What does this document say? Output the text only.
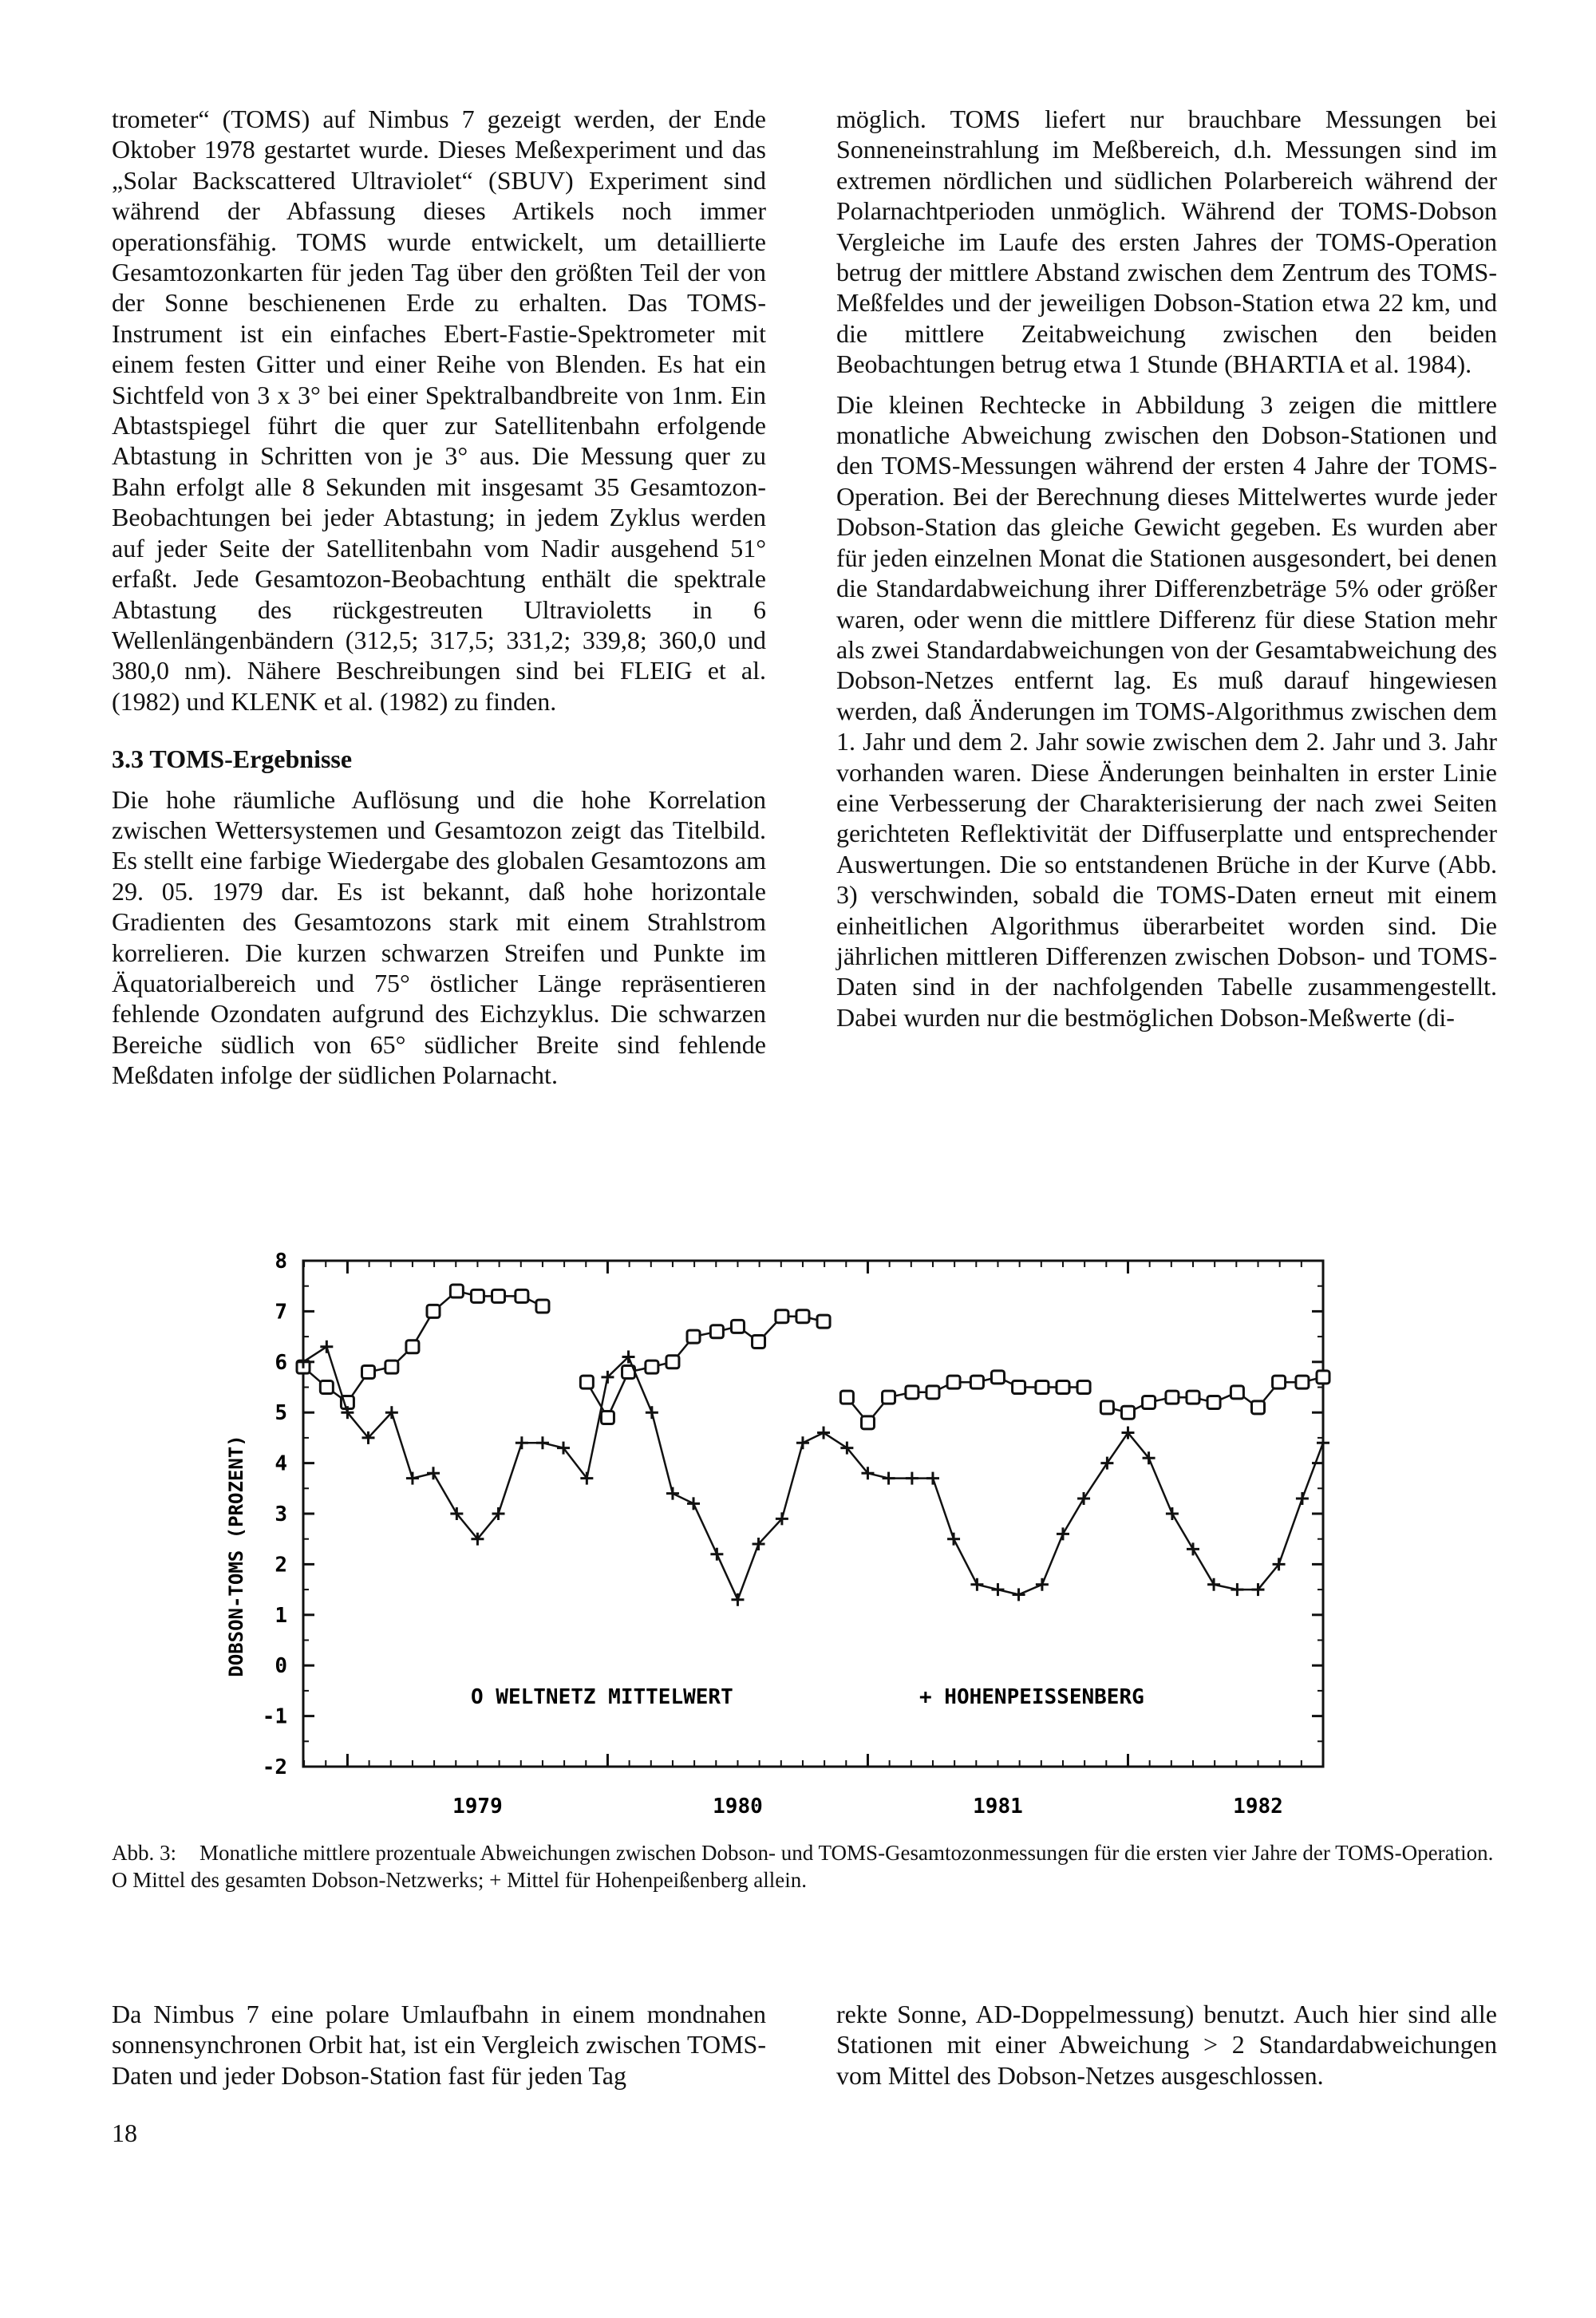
trometer“ (TOMS) auf Nimbus 7 gezeigt werden, der Ende Oktober 1978 gestartet wurde. Dieses Meßexperiment und das „Solar Backscattered Ultraviolet“ (SBUV) Experiment sind während der Abfassung dieses Artikels noch immer operationsfähig. TOMS wurde entwickelt, um detaillierte Gesamtozonkarten für jeden Tag über den größten Teil der von der Sonne beschienenen Erde zu erhalten. Das TOMS-Instrument ist ein einfaches Ebert-Fastie-Spektrometer mit einem festen Gitter und einer Reihe von Blenden. Es hat ein Sichtfeld von 3 x 3° bei einer Spektralbandbreite von 1nm. Ein Abtastspiegel führt die quer zur Satellitenbahn erfolgende Abtastung in Schritten von je 3° aus. Die Messung quer zu Bahn erfolgt alle 8 Sekunden mit insgesamt 35 Gesamtozon-Beobachtungen bei jeder Abtastung; in jedem Zyklus werden auf jeder Seite der Satellitenbahn vom Nadir ausgehend 51° erfaßt. Jede Gesamtozon-Beobachtung enthält die spektrale Abtastung des rückgestreuten Ultravioletts in 6 Wellenlängenbändern (312,5; 317,5; 331,2; 339,8; 360,0 und 380,0 nm). Nähere Beschreibungen sind bei FLEIG et al. (1982) und KLENK et al. (1982) zu finden.

3.3 TOMS-Ergebnisse

Die hohe räumliche Auflösung und die hohe Korrelation zwischen Wettersystemen und Gesamtozon zeigt das Titelbild. Es stellt eine farbige Wiedergabe des globalen Gesamtozons am 29. 05. 1979 dar. Es ist bekannt, daß hohe horizontale Gradienten des Gesamtozons stark mit einem Strahlstrom korrelieren. Die kurzen schwarzen Streifen und Punkte im Äquatorialbereich und 75° östlicher Länge repräsentieren fehlende Ozondaten aufgrund des Eichzyklus. Die schwarzen Bereiche südlich von 65° südlicher Breite sind fehlende Meßdaten infolge der südlichen Polarnacht.

möglich. TOMS liefert nur brauchbare Messungen bei Sonneneinstrahlung im Meßbereich, d.h. Messungen sind im extremen nördlichen und südlichen Polarbereich während der Polarnachtperioden unmöglich. Während der TOMS-Dobson Vergleiche im Laufe des ersten Jahres der TOMS-Operation betrug der mittlere Abstand zwischen dem Zentrum des TOMS-Meßfeldes und der jeweiligen Dobson-Station etwa 22 km, und die mittlere Zeitabweichung zwischen den beiden Beobachtungen betrug etwa 1 Stunde (BHARTIA et al. 1984).

Die kleinen Rechtecke in Abbildung 3 zeigen die mittlere monatliche Abweichung zwischen den Dobson-Stationen und den TOMS-Messungen während der ersten 4 Jahre der TOMS-Operation. Bei der Berechnung dieses Mittelwertes wurde jeder Dobson-Station das gleiche Gewicht gegeben. Es wurden aber für jeden einzelnen Monat die Stationen ausgesondert, bei denen die Standardabweichung ihrer Differenzbeträge 5% oder größer waren, oder wenn die mittlere Differenz für diese Station mehr als zwei Standardabweichungen von der Gesamtabweichung des Dobson-Netzes entfernt lag. Es muß darauf hingewiesen werden, daß Änderungen im TOMS-Algorithmus zwischen dem 1. Jahr und dem 2. Jahr sowie zwischen dem 2. Jahr und 3. Jahr vorhanden waren. Diese Änderungen beinhalten in erster Linie eine Verbesserung der Charakterisierung der nach zwei Seiten gerichteten Reflektivität der Diffuserplatte und entsprechender Auswertungen. Die so entstandenen Brüche in der Kurve (Abb. 3) verschwinden, sobald die TOMS-Daten erneut mit einem einheitlichen Algorithmus überarbeitet worden sind. Die jährlichen mittleren Differenzen zwischen Dobson- und TOMS-Daten sind in der nachfolgenden Tabelle zusammengestellt. Dabei wurden nur die bestmöglichen Dobson-Meßwerte (di-

DOBSON-TOMS (PROZENT)
-2
-1
0
1
2
3
4
5
6
7
8
1979	1980	1981	1982
O WELTNETZ MITTELWERT	+ HOHENPEISSENBERG
Abb. 3: Monatliche mittlere prozentuale Abweichungen zwischen Dobson- und TOMS-Gesamtozonmessungen für die ersten vier Jahre der TOMS-Operation. O Mittel des gesamten Dobson-Netzwerks; + Mittel für Hohenpeißenberg allein.

Da Nimbus 7 eine polare Umlaufbahn in einem mondnahen sonnensynchronen Orbit hat, ist ein Vergleich zwischen TOMS-Daten und jeder Dobson-Station fast für jeden Tag

rekte Sonne, AD-Doppelmessung) benutzt. Auch hier sind alle Stationen mit einer Abweichung > 2 Standardabweichungen vom Mittel des Dobson-Netzes ausgeschlossen.

18
